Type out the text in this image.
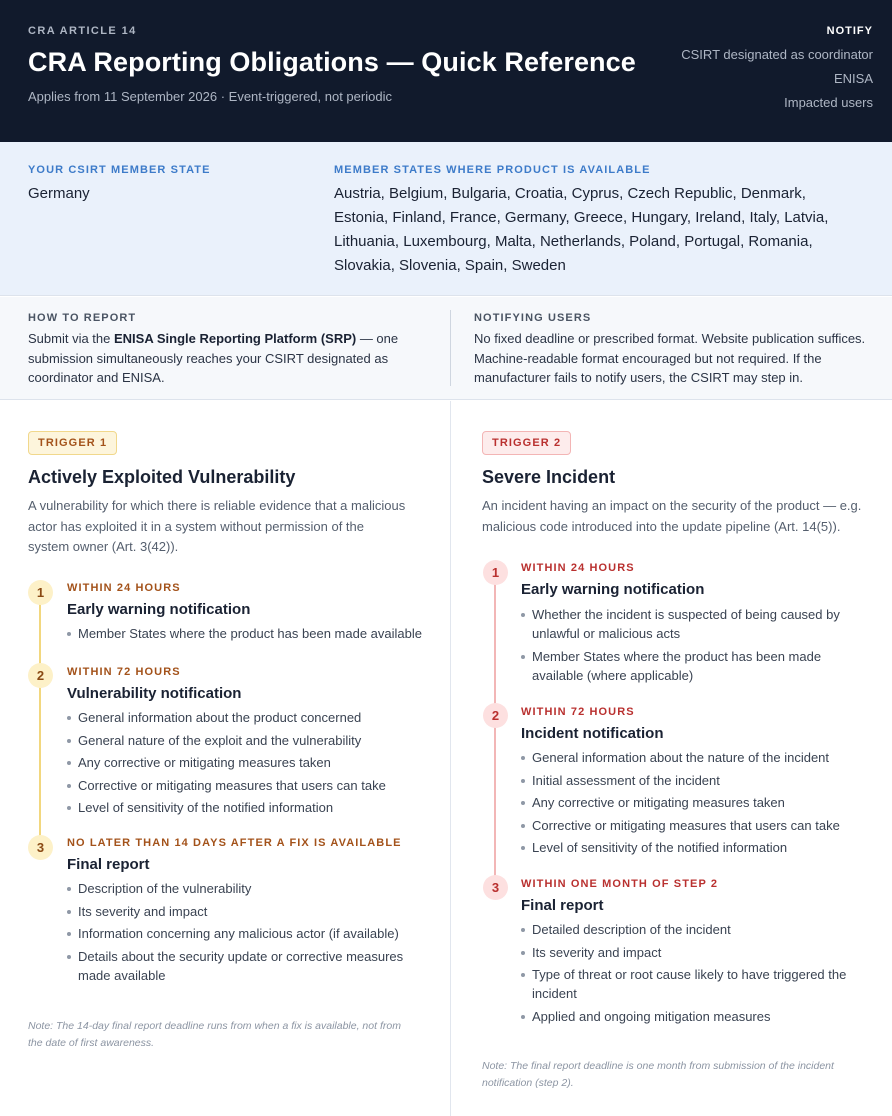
CRA ARTICLE 14
CRA Reporting Obligations — Quick Reference
Applies from 11 September 2026 · Event-triggered, not periodic
NOTIFY
CSIRT designated as coordinator
ENISA
Impacted users
YOUR CSIRT MEMBER STATE
Germany
MEMBER STATES WHERE PRODUCT IS AVAILABLE
Austria, Belgium, Bulgaria, Croatia, Cyprus, Czech Republic, Denmark, Estonia, Finland, France, Germany, Greece, Hungary, Ireland, Italy, Latvia, Lithuania, Luxembourg, Malta, Netherlands, Poland, Portugal, Romania, Slovakia, Slovenia, Spain, Sweden
HOW TO REPORT
Submit via the ENISA Single Reporting Platform (SRP) — one submission simultaneously reaches your CSIRT designated as coordinator and ENISA.
NOTIFYING USERS
No fixed deadline or prescribed format. Website publication suffices. Machine-readable format encouraged but not required. If the manufacturer fails to notify users, the CSIRT may step in.
TRIGGER 1
Actively Exploited Vulnerability
A vulnerability for which there is reliable evidence that a malicious actor has exploited it in a system without permission of the system owner (Art. 3(42)).
1	WITHIN 24 HOURS
Early warning notification
Member States where the product has been made available
2	WITHIN 72 HOURS
Vulnerability notification
General information about the product concerned
General nature of the exploit and the vulnerability
Any corrective or mitigating measures taken
Corrective or mitigating measures that users can take
Level of sensitivity of the notified information
3	NO LATER THAN 14 DAYS AFTER A FIX IS AVAILABLE
Final report
Description of the vulnerability
Its severity and impact
Information concerning any malicious actor (if available)
Details about the security update or corrective measures made available
Note: The 14-day final report deadline runs from when a fix is available, not from the date of first awareness.
TRIGGER 2
Severe Incident
An incident having an impact on the security of the product — e.g. malicious code introduced into the update pipeline (Art. 14(5)).
1	WITHIN 24 HOURS
Early warning notification
Whether the incident is suspected of being caused by unlawful or malicious acts
Member States where the product has been made available (where applicable)
2	WITHIN 72 HOURS
Incident notification
General information about the nature of the incident
Initial assessment of the incident
Any corrective or mitigating measures taken
Corrective or mitigating measures that users can take
Level of sensitivity of the notified information
3	WITHIN ONE MONTH OF STEP 2
Final report
Detailed description of the incident
Its severity and impact
Type of threat or root cause likely to have triggered the incident
Applied and ongoing mitigation measures
Note: The final report deadline is one month from submission of the incident notification (step 2).
